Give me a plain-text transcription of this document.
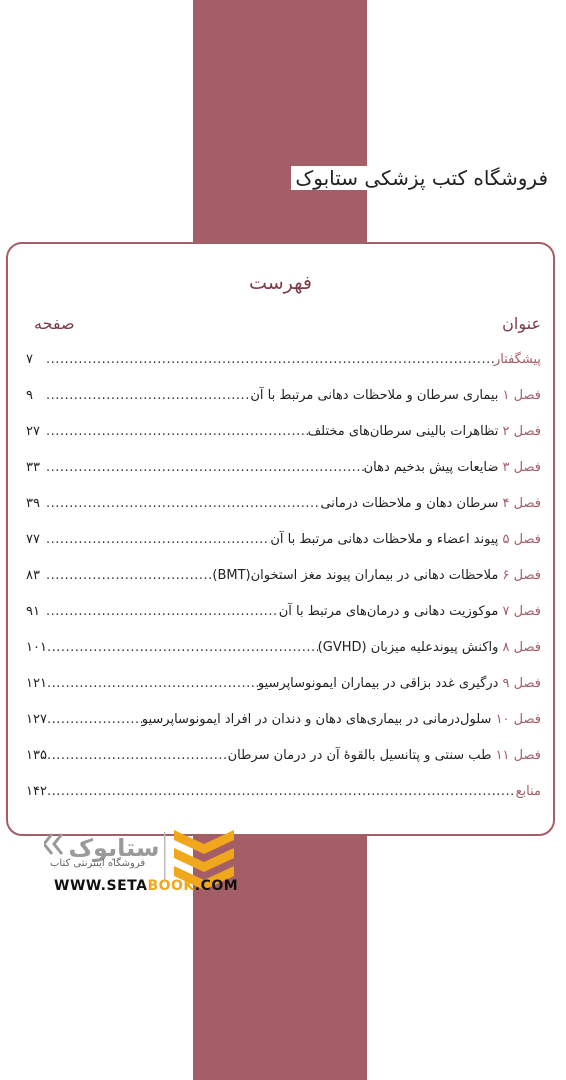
فروشگاه کتب پزشکی ستابوک
فهرست
عنوان
صفحه
پیشگفتار
.....
۷
فصل ۱ بیماری سرطان و ملاحظات دهانی مرتبط با آن
.....
۹
فصل ۲ تظاهرات بالینی سرطان‌های مختلف
.....
۲۷
فصل ۳ ضایعات پیش بدخیم دهان
.....
۳۳
فصل ۴ سرطان دهان و ملاحظات درمانی
.....
۳۹
فصل ۵ پیوند اعضاء و ملاحظات دهانی مرتبط با آن
.....
۷۷
فصل ۶ ملاحظات دهانی در بیماران پیوند مغز استخوان(BMT)
.....
۸۳
فصل ۷ موکوزیت دهانی و درمان‌های مرتبط با آن
.....
۹۱
فصل ۸ واکنش پیوندعلیه میزبان (GVHD)
.....
۱۰۱
فصل ۹ درگیری غدد بزاقی در بیماران ایمونوساپرسیو
.....
۱۲۱
فصل ۱۰ سلول‌درمانی در بیماری‌های دهان و دندان در افراد ایمونوساپرسیو
.....
۱۲۷
فصل ۱۱ طب سنتی و پتانسیل بالقوهٔ آن در درمان سرطان
.....
۱۳۵
منابع
.....
۱۴۲
ستابوک
فروشگاه اینترنتی کتاب
WWW.SETABOOK.COM
